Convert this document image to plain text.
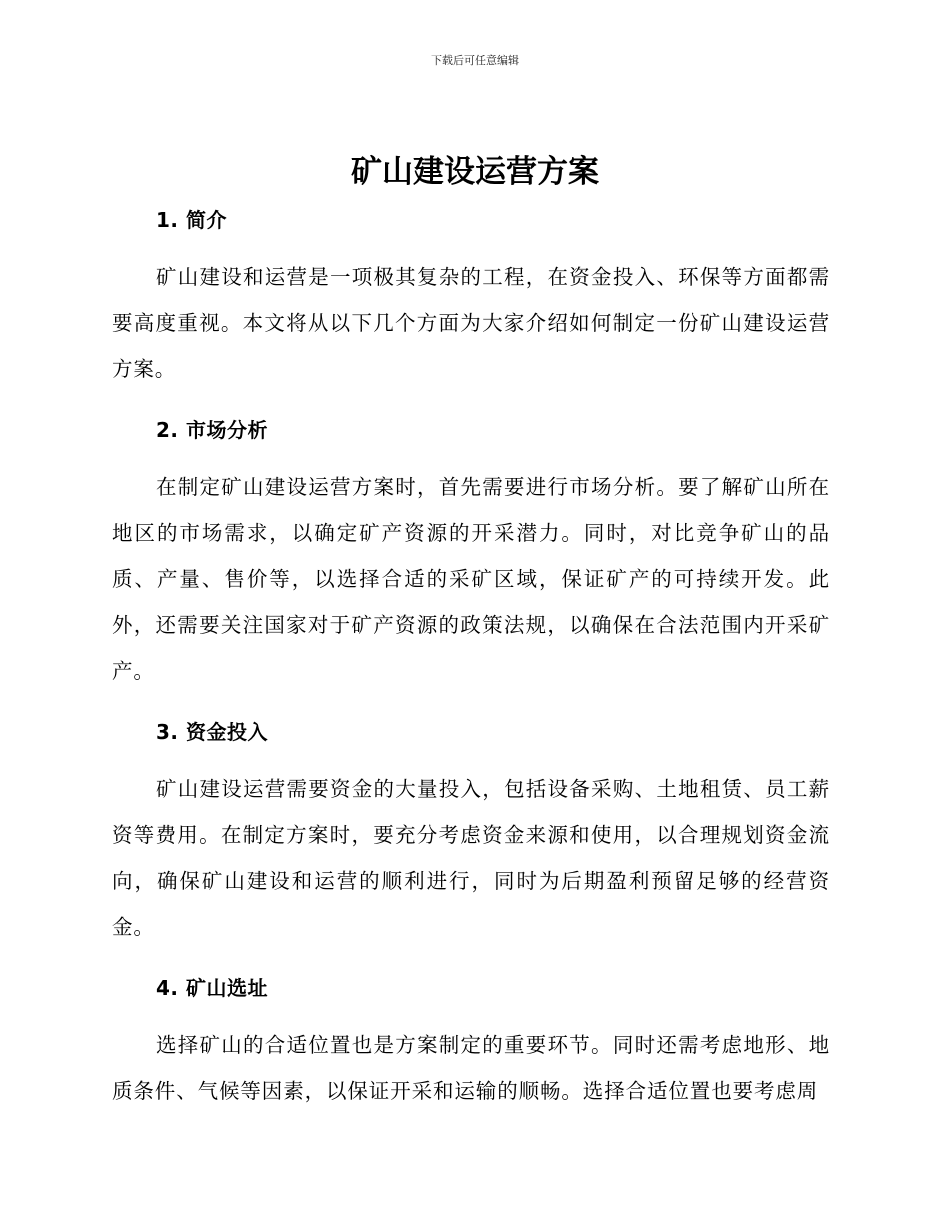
下载后可任意编辑
矿山建设运营方案
1. 简介

矿山建设和运营是一项极其复杂的工程，在资金投入、环保等方面都需要高度重视。本文将从以下几个方面为大家介绍如何制定一份矿山建设运营方案。

2. 市场分析

在制定矿山建设运营方案时，首先需要进行市场分析。要了解矿山所在地区的市场需求，以确定矿产资源的开采潜力。同时，对比竞争矿山的品质、产量、售价等，以选择合适的采矿区域，保证矿产的可持续开发。此外，还需要关注国家对于矿产资源的政策法规，以确保在合法范围内开采矿产。

3. 资金投入

矿山建设运营需要资金的大量投入，包括设备采购、土地租赁、员工薪资等费用。在制定方案时，要充分考虑资金来源和使用，以合理规划资金流向，确保矿山建设和运营的顺利进行，同时为后期盈利预留足够的经营资金。

4. 矿山选址

选择矿山的合适位置也是方案制定的重要环节。同时还需考虑地形、地质条件、气候等因素，以保证开采和运输的顺畅。选择合适位置也要考虑周
